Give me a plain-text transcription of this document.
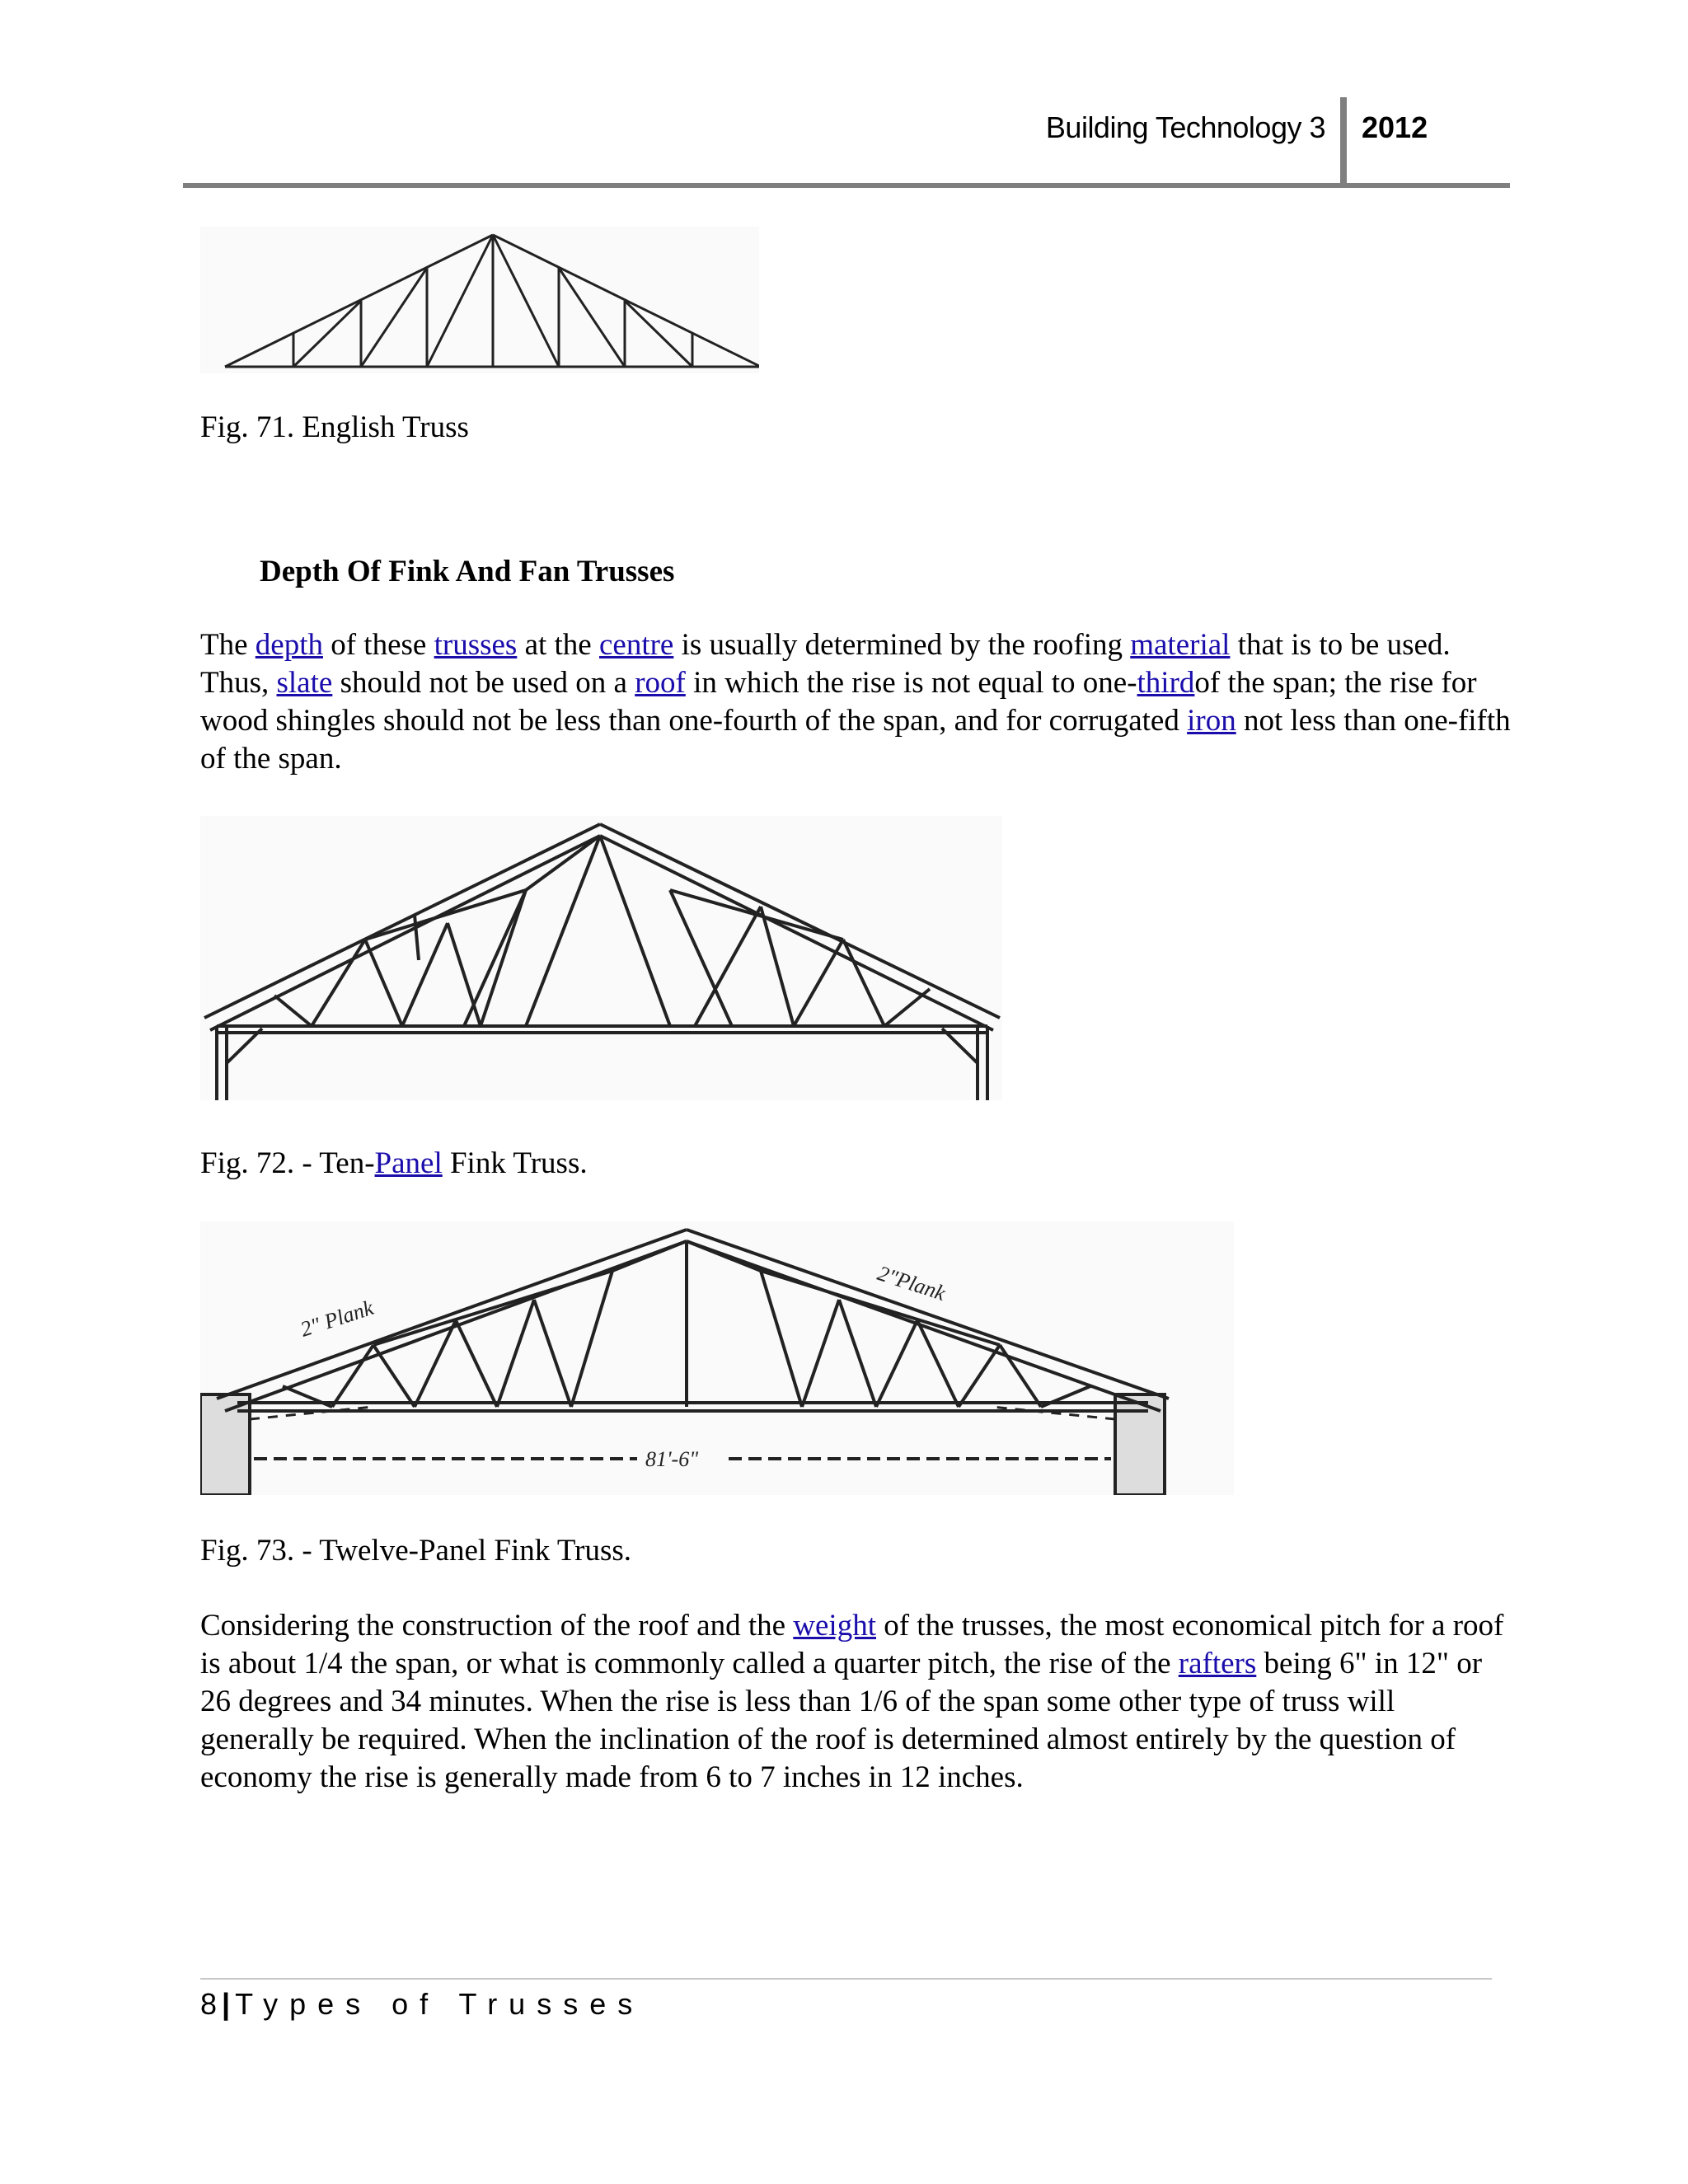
Building Technology 3 2012
Fig. 71. English Truss
Depth Of Fink And Fan Trusses

The depth of these trusses at the centre is usually determined by the roofing material that is to be used. Thus, slate should not be used on a roof in which the rise is not equal to one-thirdof the span; the rise for wood shingles should not be less than one-fourth of the span, and for corrugated iron not less than one-fifth of the span.

Fig. 72. - Ten-Panel Fink Truss.
2" Plank
2"Plank
81'-6"
Fig. 73. - Twelve-Panel Fink Truss.

Considering the construction of the roof and the weight of the trusses, the most economical pitch for a roof is about 1/4 the span, or what is commonly called a quarter pitch, the rise of the rafters being 6" in 12" or 26 degrees and 34 minutes. When the rise is less than 1/6 of the span some other type of truss will generally be required. When the inclination of the roof is determined almost entirely by the question of economy the rise is generally made from 6 to 7 inches in 12 inches.

8 | Types of Trusses
